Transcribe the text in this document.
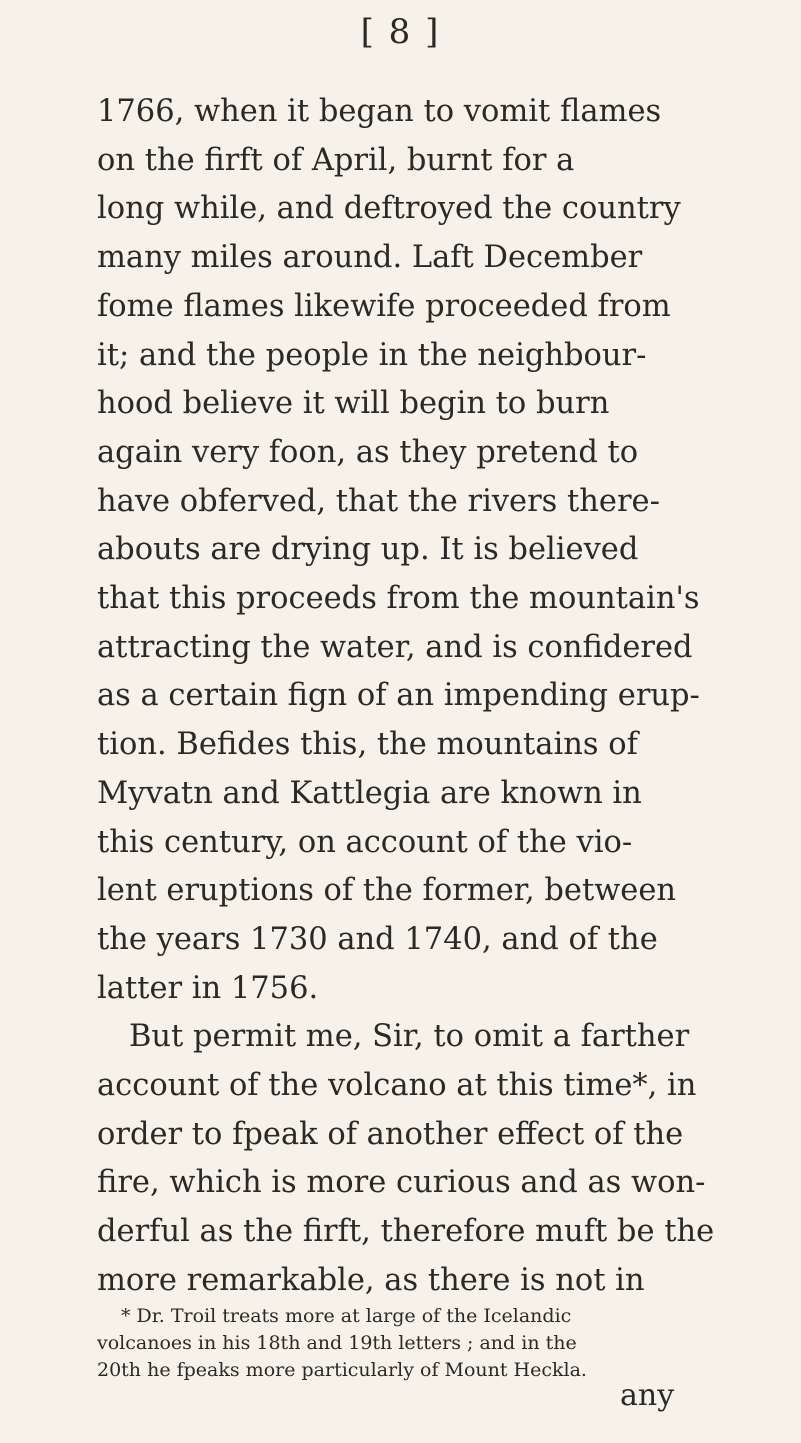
[ 8 ]
1766, when it began to vomit flames
on the firft of April, burnt for a
long while, and deftroyed the country
many miles around. Laft December
fome flames likewife proceeded from
it; and the people in the neighbour-
hood believe it will begin to burn
again very foon, as they pretend to
have obferved, that the rivers there-
abouts are drying up. It is believed
that this proceeds from the mountain's
attracting the water, and is confidered
as a certain fign of an impending erup-
tion. Befides this, the mountains of
Myvatn and Kattlegia are known in
this century, on account of the vio-
lent eruptions of the former, between
the years 1730 and 1740, and of the
latter in 1756.
But permit me, Sir, to omit a farther
account of the volcano at this time*, in
order to fpeak of another effect of the
fire, which is more curious and as won-
derful as the firft, therefore muft be the
more remarkable, as there is not in
* Dr. Troil treats more at large of the Icelandic
volcanoes in his 18th and 19th letters ; and in the
20th he fpeaks more particularly of Mount Heckla.
any
